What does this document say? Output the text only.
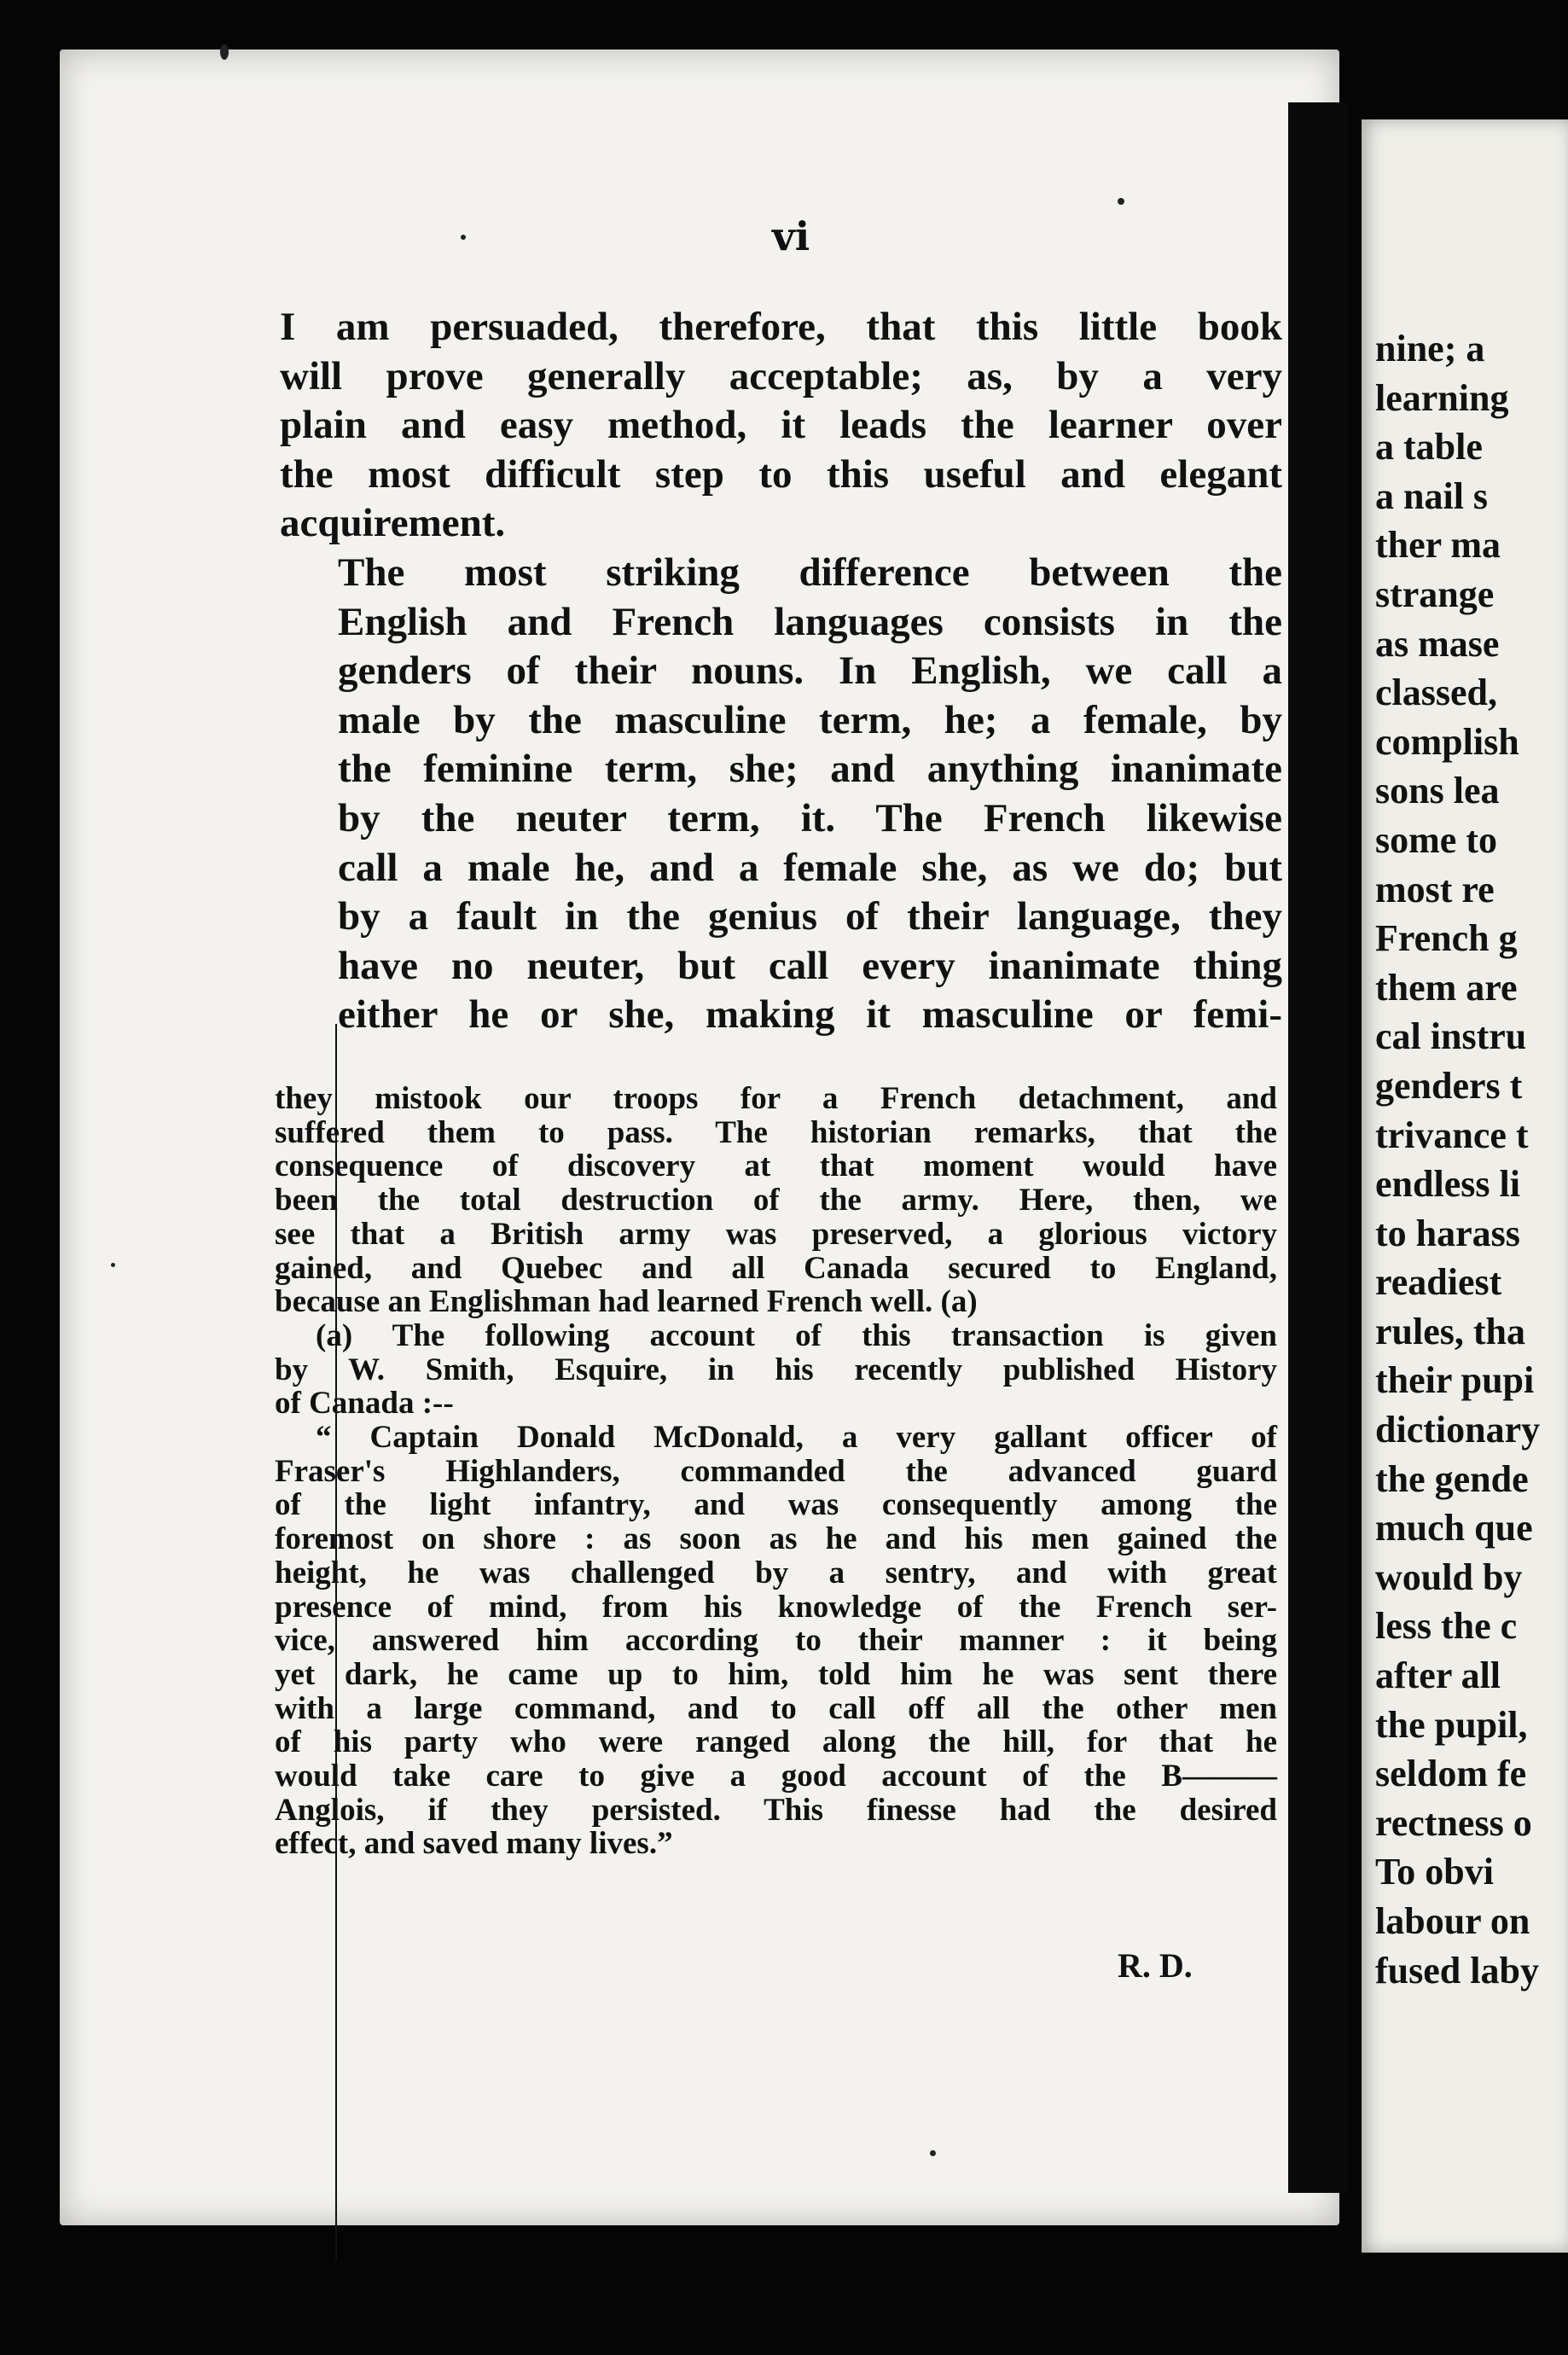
vi

I am persuaded, therefore, that this little book
will prove generally acceptable; as, by a very
plain and easy method, it leads the learner over
the most difficult step to this useful and elegant
acquirement.

The most striking difference between the
English and French languages consists in the
genders of their nouns. In English, we call a
male by the masculine term, he; a female, by
the feminine term, she; and anything inanimate
by the neuter term, it. The French likewise
call a male he, and a female she, as we do; but
by a fault in the genius of their language, they
have no neuter, but call every inanimate thing
either he or she, making it masculine or femi-

they mistook our troops for a French detachment, and
suffered them to pass. The historian remarks, that the
consequence of discovery at that moment would have
been the total destruction of the army. Here, then, we
see that a British army was preserved, a glorious victory
gained, and Quebec and all Canada secured to England,
because an Englishman had learned French well. (a)

(a) The following account of this transaction is given
by W. Smith, Esquire, in his recently published History
of Canada :--

“ Captain Donald McDonald, a very gallant officer of
Fraser's Highlanders, commanded the advanced guard
of the light infantry, and was consequently among the
foremost on shore : as soon as he and his men gained the
height, he was challenged by a sentry, and with great
presence of mind, from his knowledge of the French ser-
vice, answered him according to their manner : it being
yet dark, he came up to him, told him he was sent there
with a large command, and to call off all the other men
of his party who were ranged along the hill, for that he
would take care to give a good account of the B———
Anglois, if they persisted. This finesse had the desired
effect, and saved many lives.”

R. D.
nine; a
learning
a table
a nail s
ther ma
strange
as mase
classed,
complish
sons lea
some to
most re
French g
them are
cal instru
genders t
trivance t
endless li
to harass
readiest
rules, tha
their pupi
dictionary
the gende
much que
would by
less the c
after all
the pupil,
seldom fe
rectness o
To obvi
labour on
fused laby
